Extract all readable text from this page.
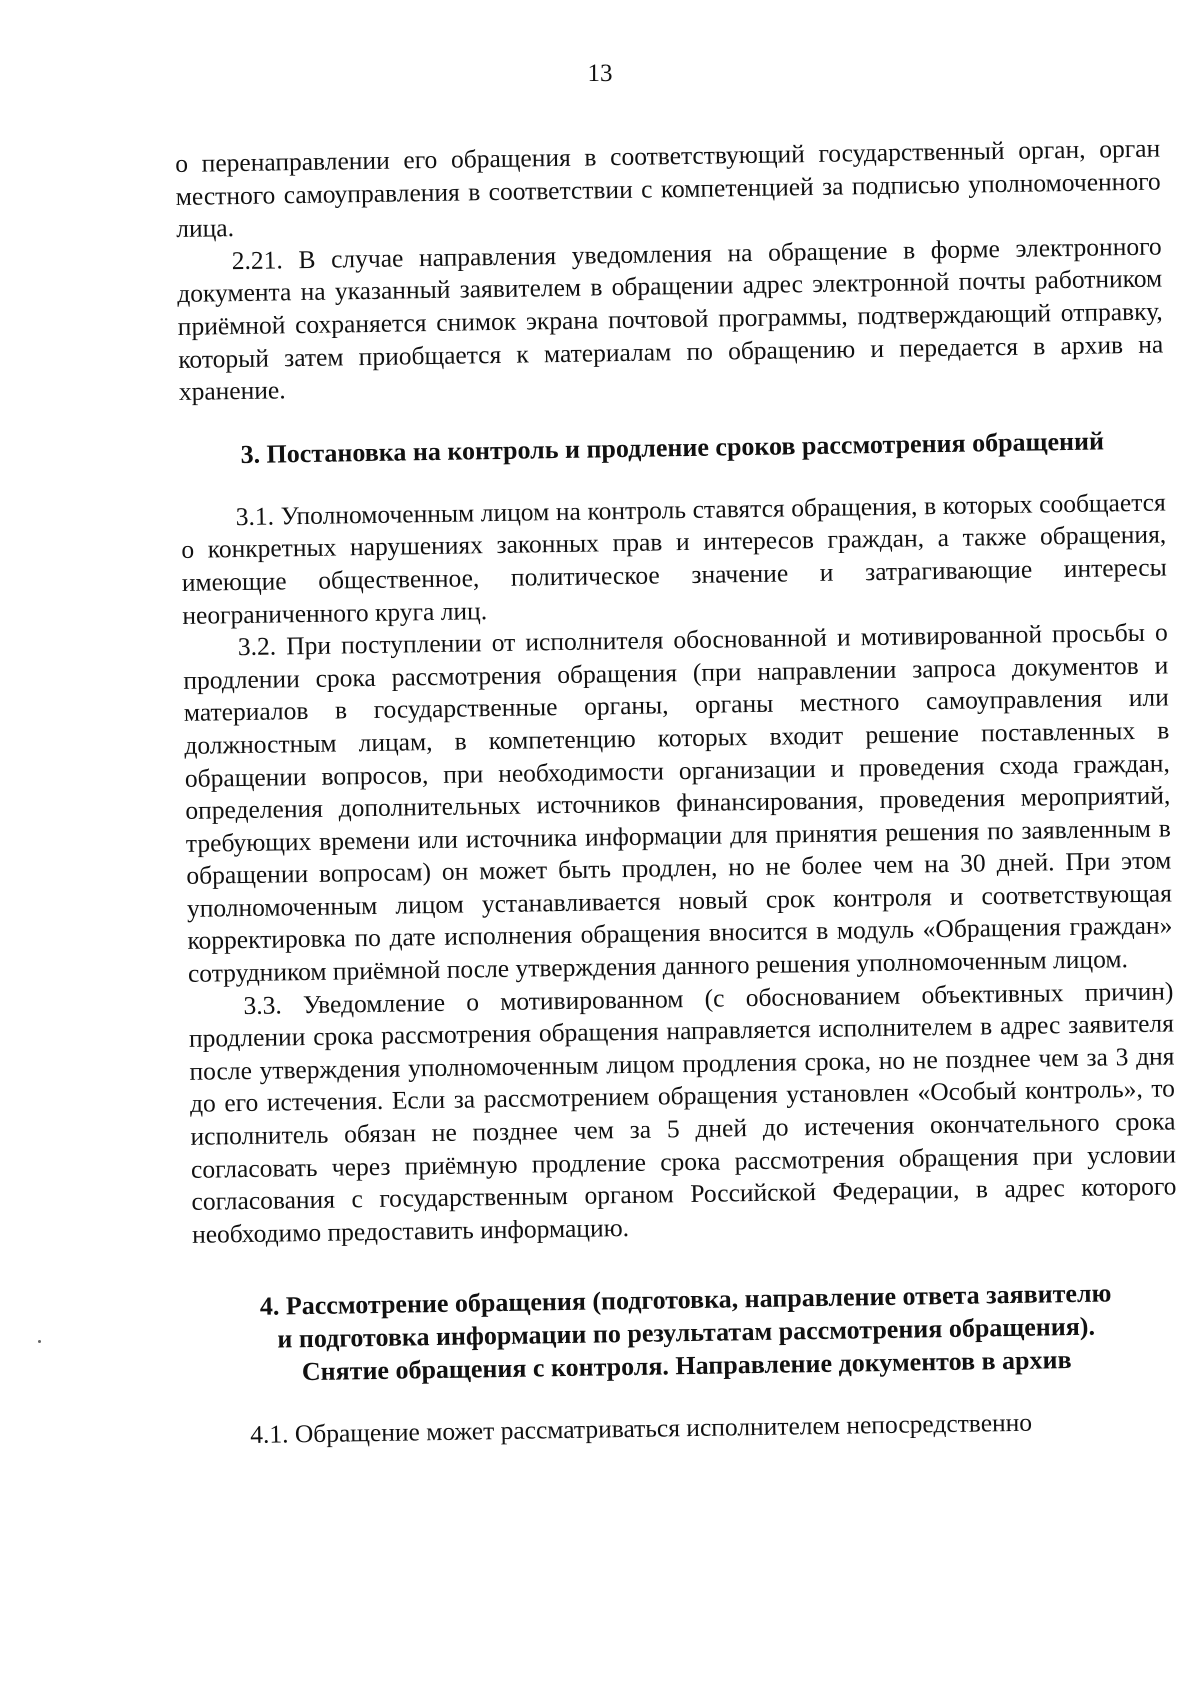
13

о перенаправлении его обращения в соответствующий государственный орган, орган местного самоуправления в соответствии с компетенцией за подписью уполномоченного лица.

2.21. В случае направления уведомления на обращение в форме электронного документа на указанный заявителем в обращении адрес электронной почты работником приёмной сохраняется снимок экрана почтовой программы, подтверждающий отправку, который затем приобщается к материалам по обращению и передается в архив на хранение.

3. Постановка на контроль и продление сроков рассмотрения обращений

3.1. Уполномоченным лицом на контроль ставятся обращения, в которых сообщается о конкретных нарушениях законных прав и интересов граждан, а также обращения, имеющие общественное, политическое значение и затрагивающие интересы неограниченного круга лиц.

3.2. При поступлении от исполнителя обоснованной и мотивированной просьбы о продлении срока рассмотрения обращения (при направлении запроса документов и материалов в государственные органы, органы местного самоуправления или должностным лицам, в компетенцию которых входит решение поставленных в обращении вопросов, при необходимости организации и проведения схода граждан, определения дополнительных источников финансирования, проведения мероприятий, требующих времени или источника информации для принятия решения по заявленным в обращении вопросам) он может быть продлен, но не более чем на 30 дней. При этом уполномоченным лицом устанавливается новый срок контроля и соответствующая корректировка по дате исполнения обращения вносится в модуль «Обращения граждан» сотрудником приёмной после утверждения данного решения уполномоченным лицом.

3.3. Уведомление о мотивированном (с обоснованием объективных причин) продлении срока рассмотрения обращения направляется исполнителем в адрес заявителя после утверждения уполномоченным лицом продления срока, но не позднее чем за 3 дня до его истечения. Если за рассмотрением обращения установлен «Особый контроль», то исполнитель обязан не позднее чем за 5 дней до истечения окончательного срока согласовать через приёмную продление срока рассмотрения обращения при условии согласования с государственным органом Российской Федерации, в адрес которого необходимо предоставить информацию.

4. Рассмотрение обращения (подготовка, направление ответа заявителю
и подготовка информации по результатам рассмотрения обращения).
Снятие обращения с контроля. Направление документов в архив

4.1. Обращение может рассматриваться исполнителем непосредственно
